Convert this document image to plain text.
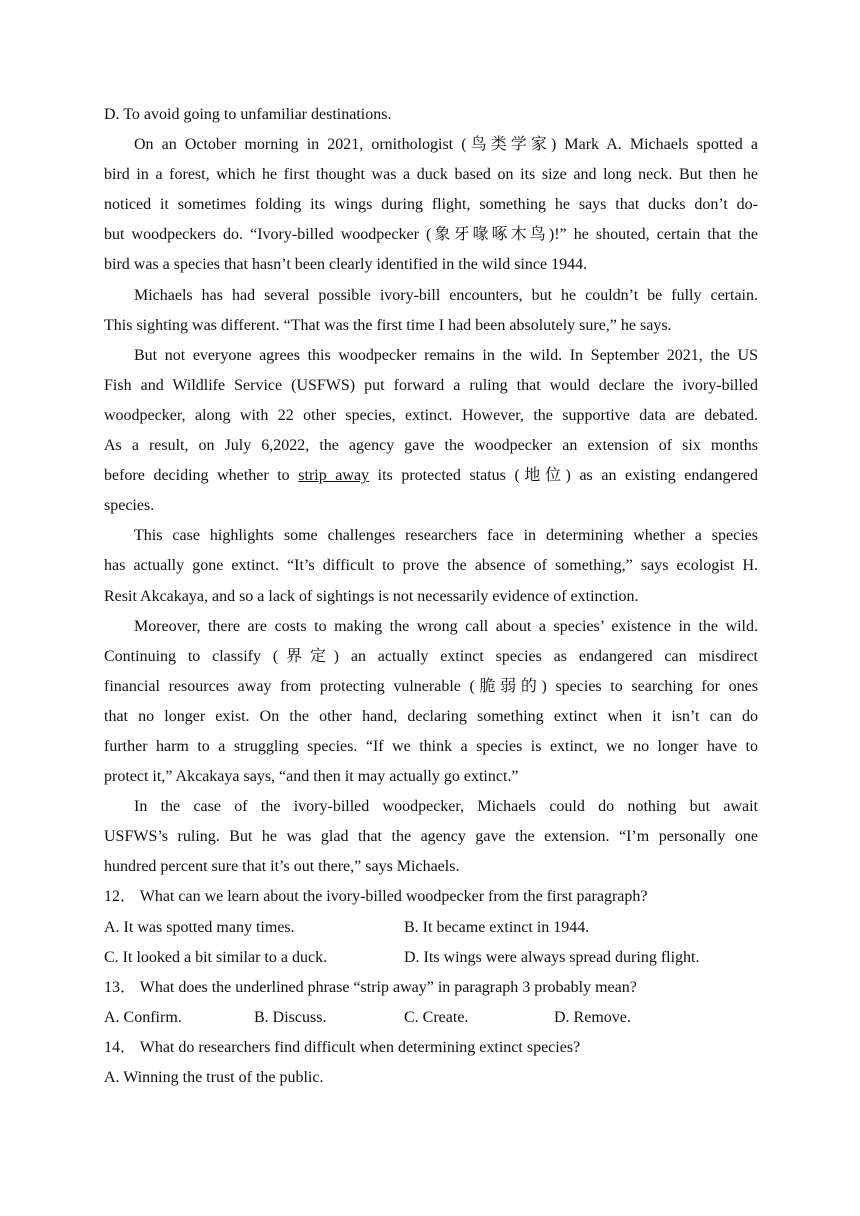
D. To avoid going to unfamiliar destinations.
On an October morning in 2021, ornithologist (鸟类学家) Mark A. Michaels spotted a
bird in a forest, which he first thought was a duck based on its size and long neck. But then he
noticed it sometimes folding its wings during flight, something he says that ducks don’t do-
but woodpeckers do. “Ivory-billed woodpecker (象牙喙啄木鸟)!” he shouted, certain that the
bird was a species that hasn’t been clearly identified in the wild since 1944.
Michaels has had several possible ivory-bill encounters, but he couldn’t be fully certain.
This sighting was different. “That was the first time I had been absolutely sure,” he says.
But not everyone agrees this woodpecker remains in the wild. In September 2021, the US
Fish and Wildlife Service (USFWS) put forward a ruling that would declare the ivory-billed
woodpecker, along with 22 other species, extinct. However, the supportive data are debated.
As a result, on July 6,2022, the agency gave the woodpecker an extension of six months
before deciding whether to strip away its protected status (地位) as an existing endangered
species.
This case highlights some challenges researchers face in determining whether a species
has actually gone extinct. “It’s difficult to prove the absence of something,” says ecologist H.
Resit Akcakaya, and so a lack of sightings is not necessarily evidence of extinction.
Moreover, there are costs to making the wrong call about a species’ existence in the wild.
Continuing to classify (界定) an actually extinct species as endangered can misdirect
financial resources away from protecting vulnerable (脆弱的) species to searching for ones
that no longer exist. On the other hand, declaring something extinct when it isn’t can do
further harm to a struggling species. “If we think a species is extinct, we no longer have to
protect it,” Akcakaya says, “and then it may actually go extinct.”
In the case of the ivory-billed woodpecker, Michaels could do nothing but await
USFWS’s ruling. But he was glad that the agency gave the extension. “I’m personally one
hundred percent sure that it’s out there,” says Michaels.
12． What can we learn about the ivory-billed woodpecker from the first paragraph?
A. It was spotted many times.	B. It became extinct in 1944.
C. It looked a bit similar to a duck.	D. Its wings were always spread during flight.
13． What does the underlined phrase “strip away” in paragraph 3 probably mean?
A. Confirm.	B. Discuss.	C. Create.	D. Remove.
14． What do researchers find difficult when determining extinct species?
A. Winning the trust of the public.
